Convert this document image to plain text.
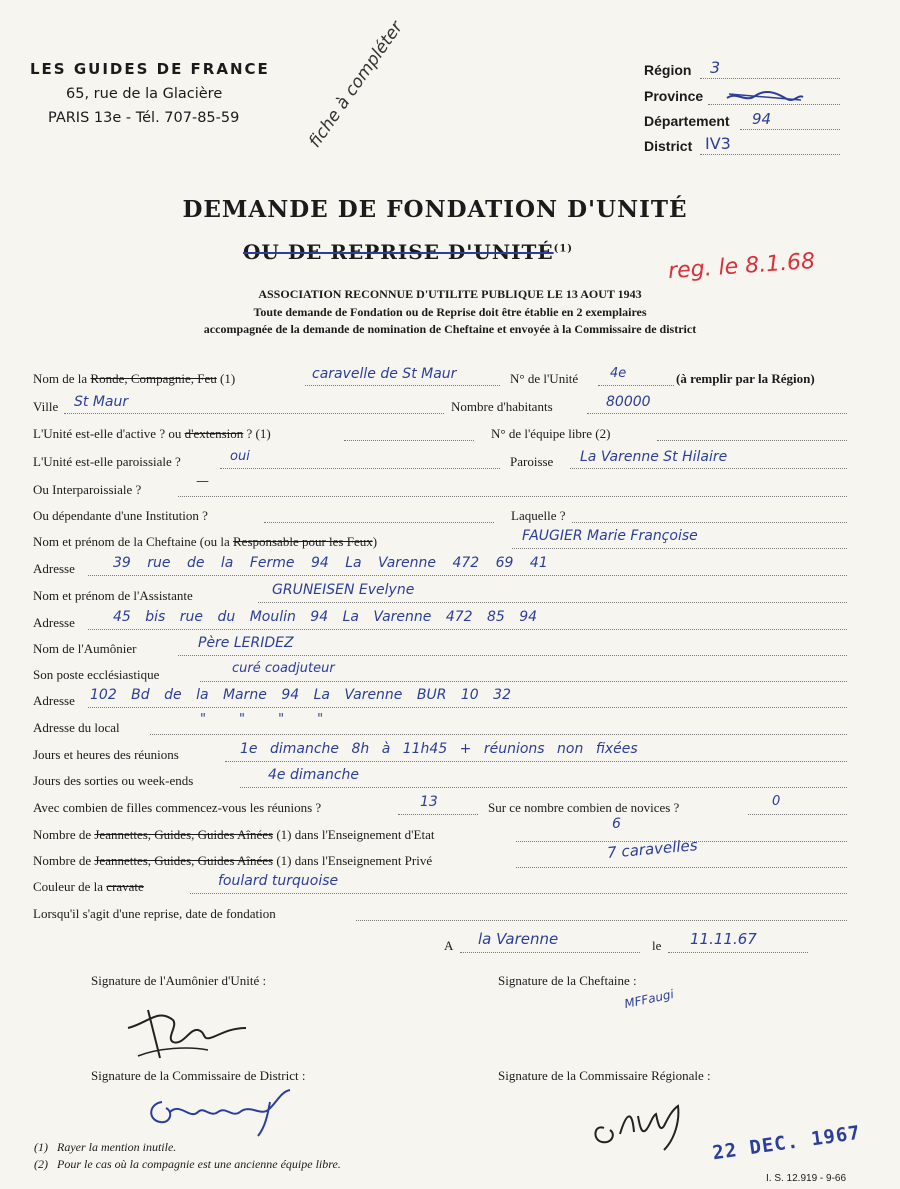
LES GUIDES DE FRANCE
65, rue de la Glacière
PARIS 13e - Tél. 707-85-59	fiche à compléter	Région 3
Province
Département 94
District IV3
DEMANDE DE FONDATION D'UNITÉ
OU DE REPRISE D'UNITÉ$^{(1)}$
reg. le 8.1.68
ASSOCIATION RECONNUE D'UTILITE PUBLIQUE LE 13 AOUT 1943
Toute demande de Fondation ou de Reprise doit être établie en 2 exemplaires
accompagnée de la demande de nomination de Cheftaine et envoyée à la Commissaire de district
Nom de la Ronde, Compagnie, Feu (1)	caravelle de St Maur	N° de l'Unité 4e	(à remplir par la Région)
Ville St Maur	Nombre d'habitants	80000
L'Unité est-elle d'active ? ou d'extension ? (1)	N° de l'équipe libre (2)
L'Unité est-elle paroissiale ?	oui	Paroisse La Varenne St Hilaire
Ou Interparoissiale ?
—
Ou dépendante d'une Institution ?	Laquelle ?
Nom et prénom de la Cheftaine (ou la Responsable pour les Feux)	FAUGIER Marie Françoise
Adresse	39 rue de la Ferme 94 La Varenne 472 69 41
Nom et prénom de l'Assistante	GRUNEISEN Evelyne
Adresse	45 bis rue du Moulin 94 La Varenne 472 85 94
Nom de l'Aumônier	Père LERIDEZ
Son poste ecclésiastique	curé coadjuteur
Adresse 102 Bd de la Marne 94 La Varenne BUR 10 32
Adresse du local
"        "        "        "
Jours et heures des réunions	1e dimanche 8h à 11h45 + réunions non fixées
Jours des sorties ou week-ends	4e dimanche
Avec combien de filles commencez-vous les réunions ?	13	Sur ce nombre combien de novices ?	0
Nombre de Jeannettes, Guides, Guides Aînées (1) dans l'Enseignement d'Etat
6
Nombre de Jeannettes, Guides, Guides Aînées (1) dans l'Enseignement Privé	7 caravelles
Couleur de la cravate	foulard turquoise
Lorsqu'il s'agit d'une reprise, date de fondation
A la Varenne	le 11.11.67
Signature de l'Aumônier d'Unité :	Signature de la Cheftaine :
MFFaugi
Signature de la Commissaire de District :	Signature de la Commissaire Régionale :
22 DEC. 1967
(1)   Rayer la mention inutile.
(2)   Pour le cas où la compagnie est une ancienne équipe libre.
I. S. 12.919 - 9-66
